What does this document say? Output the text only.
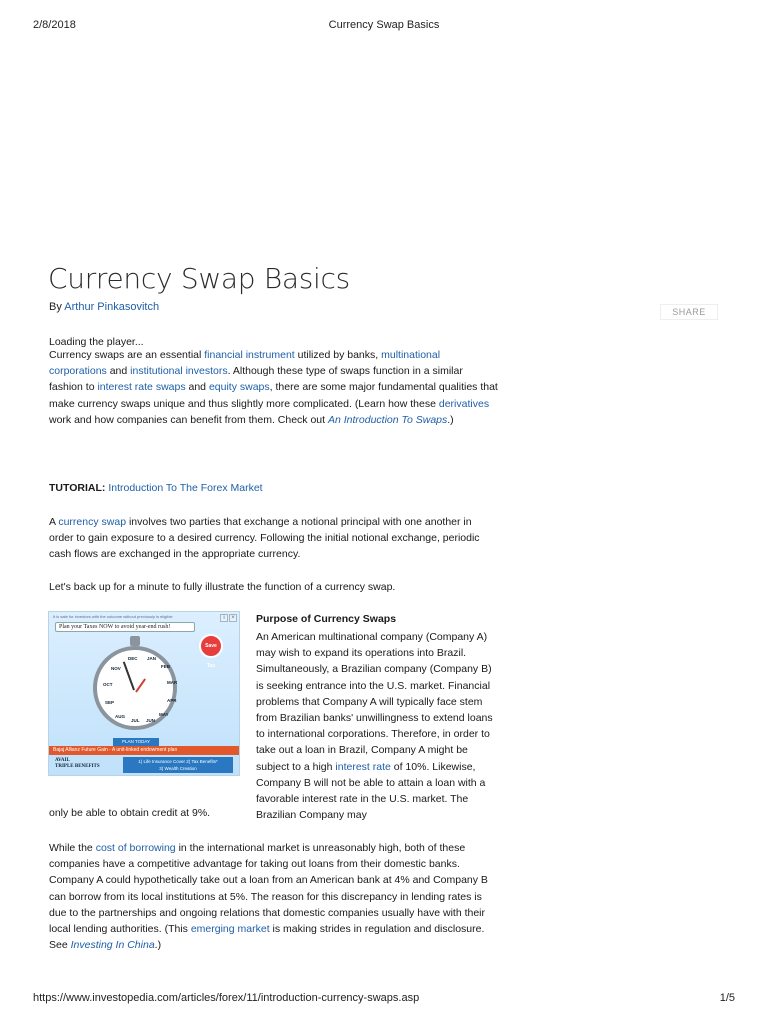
2/8/2018	Currency Swap Basics
https://www.investopedia.com/articles/forex/11/introduction-currency-swaps.asp	1/5
Currency Swap Basics
By Arthur Pinkasovitch	SHARE
Loading the player...
Currency swaps are an essential financial instrument utilized by banks, multinational corporations and institutional investors. Although these type of swaps function in a similar fashion to interest rate swaps and equity swaps, there are some major fundamental qualities that make currency swaps unique and thus slightly more complicated. (Learn how these derivatives work and how companies can benefit from them. Check out An Introduction To Swaps.)
TUTORIAL: Introduction To The Forex Market
A currency swap involves two parties that exchange a notional principal with one another in order to gain exposure to a desired currency. Following the initial notional exchange, periodic cash flows are exchanged in the appropriate currency.
Let's back up for a minute to fully illustrate the function of a currency swap.
It is safe for investors with the outcome without previously is eligible	i	×
Plan your Taxes NOW to avoid year-end rush!
Save Tax
DEC JAN
FEB
NOV
MAR
OCT
APR
SEP
MAY
AUG
JUL JUN
PLAN TODAY
Bajaj Allianz Future Gain - A unit-linked endowment plan
AVAIL
TRIPLE BENEFITS
1) Life Insurance Cover 2) Tax Benefits*
3) Wealth Creation
Purpose of Currency Swaps
An American multinational company (Company A) may wish to expand its operations into Brazil. Simultaneously, a Brazilian company (Company B) is seeking entrance into the U.S. market. Financial problems that Company A will typically face stem from Brazilian banks' unwillingness to extend loans to international corporations. Therefore, in order to take out a loan in Brazil, Company A might be subject to a high interest rate of 10%. Likewise, Company B will not be able to attain a loan with a favorable interest rate in the U.S. market. The Brazilian Company may
only be able to obtain credit at 9%.
While the cost of borrowing in the international market is unreasonably high, both of these companies have a competitive advantage for taking out loans from their domestic banks. Company A could hypothetically take out a loan from an American bank at 4% and Company B can borrow from its local institutions at 5%. The reason for this discrepancy in lending rates is due to the partnerships and ongoing relations that domestic companies usually have with their local lending authorities. (This emerging market is making strides in regulation and disclosure. See Investing In China.)
